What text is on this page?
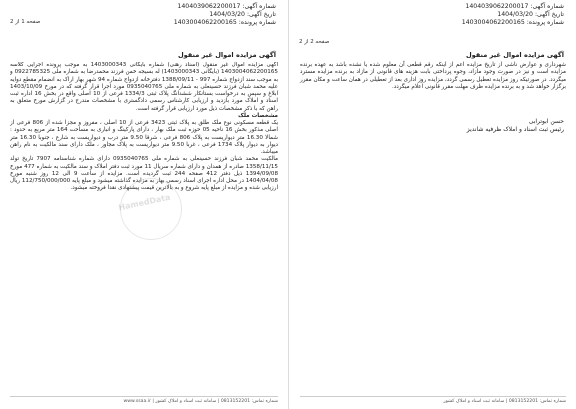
صفحه 1 از 2
شماره آگهی: 1404039062200017
تاریخ آگهی: 1404/03/20
شماره پرونده: 1403004062200165
آگهی مزایده اموال غیر منقول
آگهی مزایده اموال غیر منقول (اسناد رهنی) شماره بایگانی 1403000343 به موجب پرونده اجرایی کلاسه 1403004062200165 (بایگانی 1403000343) له بسیجه خمن فرزند محمدرضا به شماره ملی 0922785325 و به موجب سند ازدواج شماره 997 - 1388/09/11 دفترخانه ازدواج شماره 94 شهر بهار اراک به انضمام مقطع دوایه علیه محمد شبان فرزند حسینعلی به شماره ملی 0935040765 مورد اجرا قرار گرفته که در مورخ 1403/10/09 ابلاغ و سپس به درخواست بستانکار ششدانگ پلاک ثبتی 1334/3 فرعی از 10 اصلی واقع در بخش 16 اداره ثبت اسناد و املاک مورد بازدید و ارزیابی کارشناس رسمی دادگستری با مشخصات مندرج در گزارش مورخ متعلق به راهن که با ذکر مشخصات ذیل مورد ارزیابی قرار گرفته است.
مشخصات ملک
یک قطعه مسکونی نوع ملک طلق به پلاک ثبتی 3423 فرعی از 10 اصلی ، مفروز و مجزا شده از 806 فرعی از اصلی مذکور بخش 16 ناحیه 05 حوزه ثبت ملک بهار ، دارای پارکینگ و انباری به مساحت 164 متر مربع به حدود : شمالا 16.30 متر دیواریست به پلاک 806 فرعی ، شرقا 9.50 متر درب و دیواریست به شارع ، جنوبا 16.30 متر دیوار به دیوار پلاک 1734 فرعی ، غربا 9.50 متر دیواریست به پلاک مجاور ، ملک دارای سند مالکیت به نام راهن میباشد.
مالکیت محمد شبان فرزند حسینعلی به شماره ملی 0935040765 دارای شماره شناسنامه 7907 تاریخ تولد 1358/11/15 صادره از همدان و دارای شماره سریال 11 مورد ثبت دفتر املاک و سند مالکیت به شماره 477 مورخ 1394/09/08 ذیل دفتر 412 صفحه 244 ثبت گردیده است. مزایده از ساعت 9 الی 12 روز شنبه مورخ 1404/04/08 در محل اداره اجرای اسناد رسمی بهار به مزایده گذاشته میشود و مبلغ پایه 112/750/000/000 ریال ارزیابی شده و مزایده از مبلغ پایه شروع و به بالاترین قیمت پیشنهادی نقدا فروخته میشود.
HamedData
شماره تماس: 0813152201 | سامانه ثبت اسناد و املاک کشور | www.ssaa.ir
صفحه 2 از 2
شماره آگهی: 1404039062200017
تاریخ آگهی: 1404/03/20
شماره پرونده: 1403004062200165
آگهی مزایده اموال غیر منقول
شهرداری و عوارض ناشی از تاریخ مزایده اعم از اینکه رقم قطعی آن معلوم شده یا نشده باشد به عهده برنده مزایده است و نیز در صورت وجود مازاد، وجوه پرداختی بابت هزینه های قانونی از مازاد به برنده مزایده مسترد میگردد. در صورتیکه روز مزایده تعطیل رسمی گردد، مزایده روز اداری بعد از تعطیلی در همان ساعت و مکان مقرر برگزار خواهد شد و به برنده مزایده ظرف مهلت مقرر قانونی اعلام میگردد.
حسن ابوترابی
رئیس ثبت اسناد و املاک ظرفیه شاندیز
شماره تماس: 0813152201 | سامانه ثبت اسناد و املاک کشور
